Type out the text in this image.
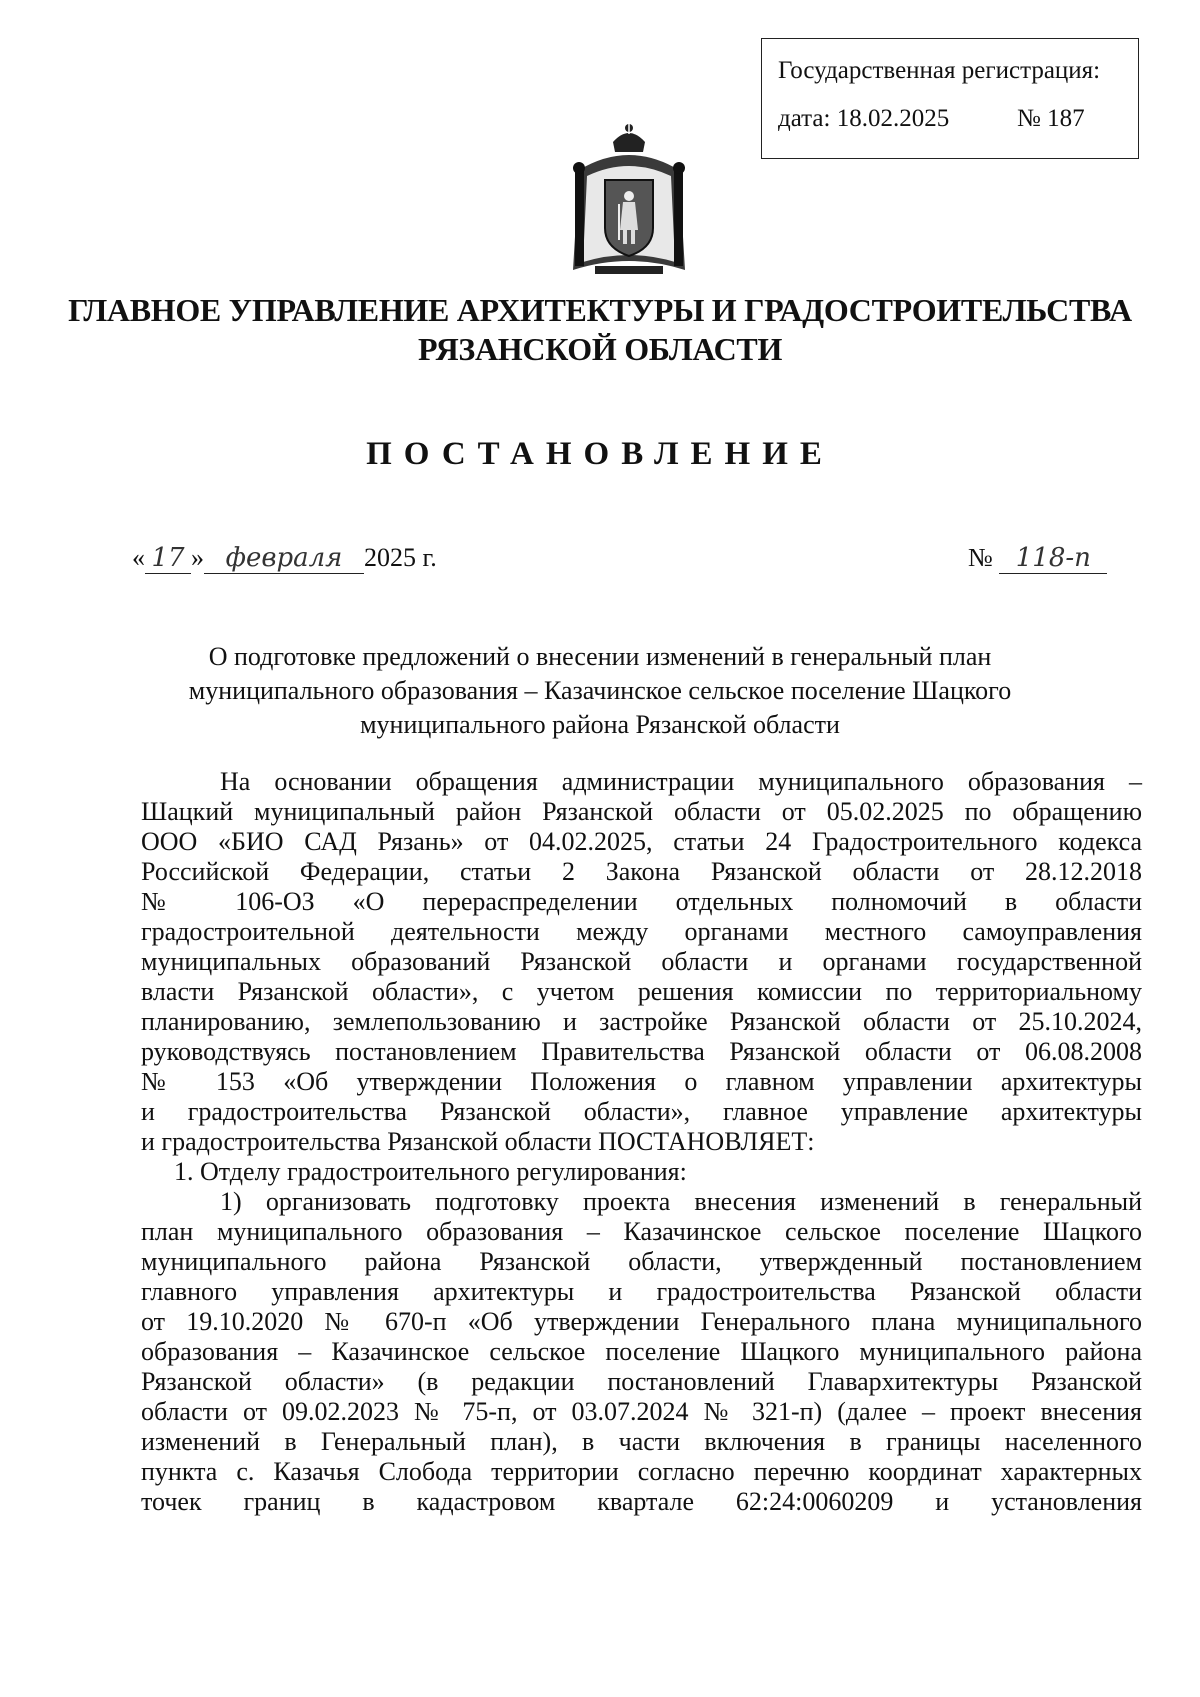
Государственная регистрация:
дата: 18.02.2025	№ 187
ГЛАВНОЕ УПРАВЛЕНИЕ АРХИТЕКТУРЫ И ГРАДОСТРОИТЕЛЬСТВА
РЯЗАНСКОЙ ОБЛАСТИ
ПОСТАНОВЛЕНИЕ
« 17 » февраля 2025 г.	№ 118-п
О подготовке предложений о внесении изменений в генеральный план
муниципального образования – Казачинское сельское поселение Шацкого
муниципального района Рязанской области
На основании обращения администрации муниципального образования –
Шацкий муниципальный район Рязанской области от 05.02.2025 по обращению
ООО «БИО САД Рязань» от 04.02.2025, статьи 24 Градостроительного кодекса
Российской Федерации, статьи 2 Закона Рязанской области от 28.12.2018
№ 106-ОЗ «О перераспределении отдельных полномочий в области
градостроительной деятельности между органами местного самоуправления
муниципальных образований Рязанской области и органами государственной
власти Рязанской области», с учетом решения комиссии по территориальному
планированию, землепользованию и застройке Рязанской области от 25.10.2024,
руководствуясь постановлением Правительства Рязанской области от 06.08.2008
№ 153 «Об утверждении Положения о главном управлении архитектуры
и градостроительства Рязанской области», главное управление архитектуры
и градостроительства Рязанской области ПОСТАНОВЛЯЕТ:
1. Отделу градостроительного регулирования:
1) организовать подготовку проекта внесения изменений в генеральный
план муниципального образования – Казачинское сельское поселение Шацкого
муниципального района Рязанской области, утвержденный постановлением
главного управления архитектуры и градостроительства Рязанской области
от 19.10.2020 № 670-п «Об утверждении Генерального плана муниципального
образования – Казачинское сельское поселение Шацкого муниципального района
Рязанской области» (в редакции постановлений Главархитектуры Рязанской
области от 09.02.2023 № 75-п, от 03.07.2024 № 321-п) (далее – проект внесения
изменений в Генеральный план), в части включения в границы населенного
пункта с. Казачья Слобода территории согласно перечню координат характерных
точек границ в кадастровом квартале 62:24:0060209 и установления
